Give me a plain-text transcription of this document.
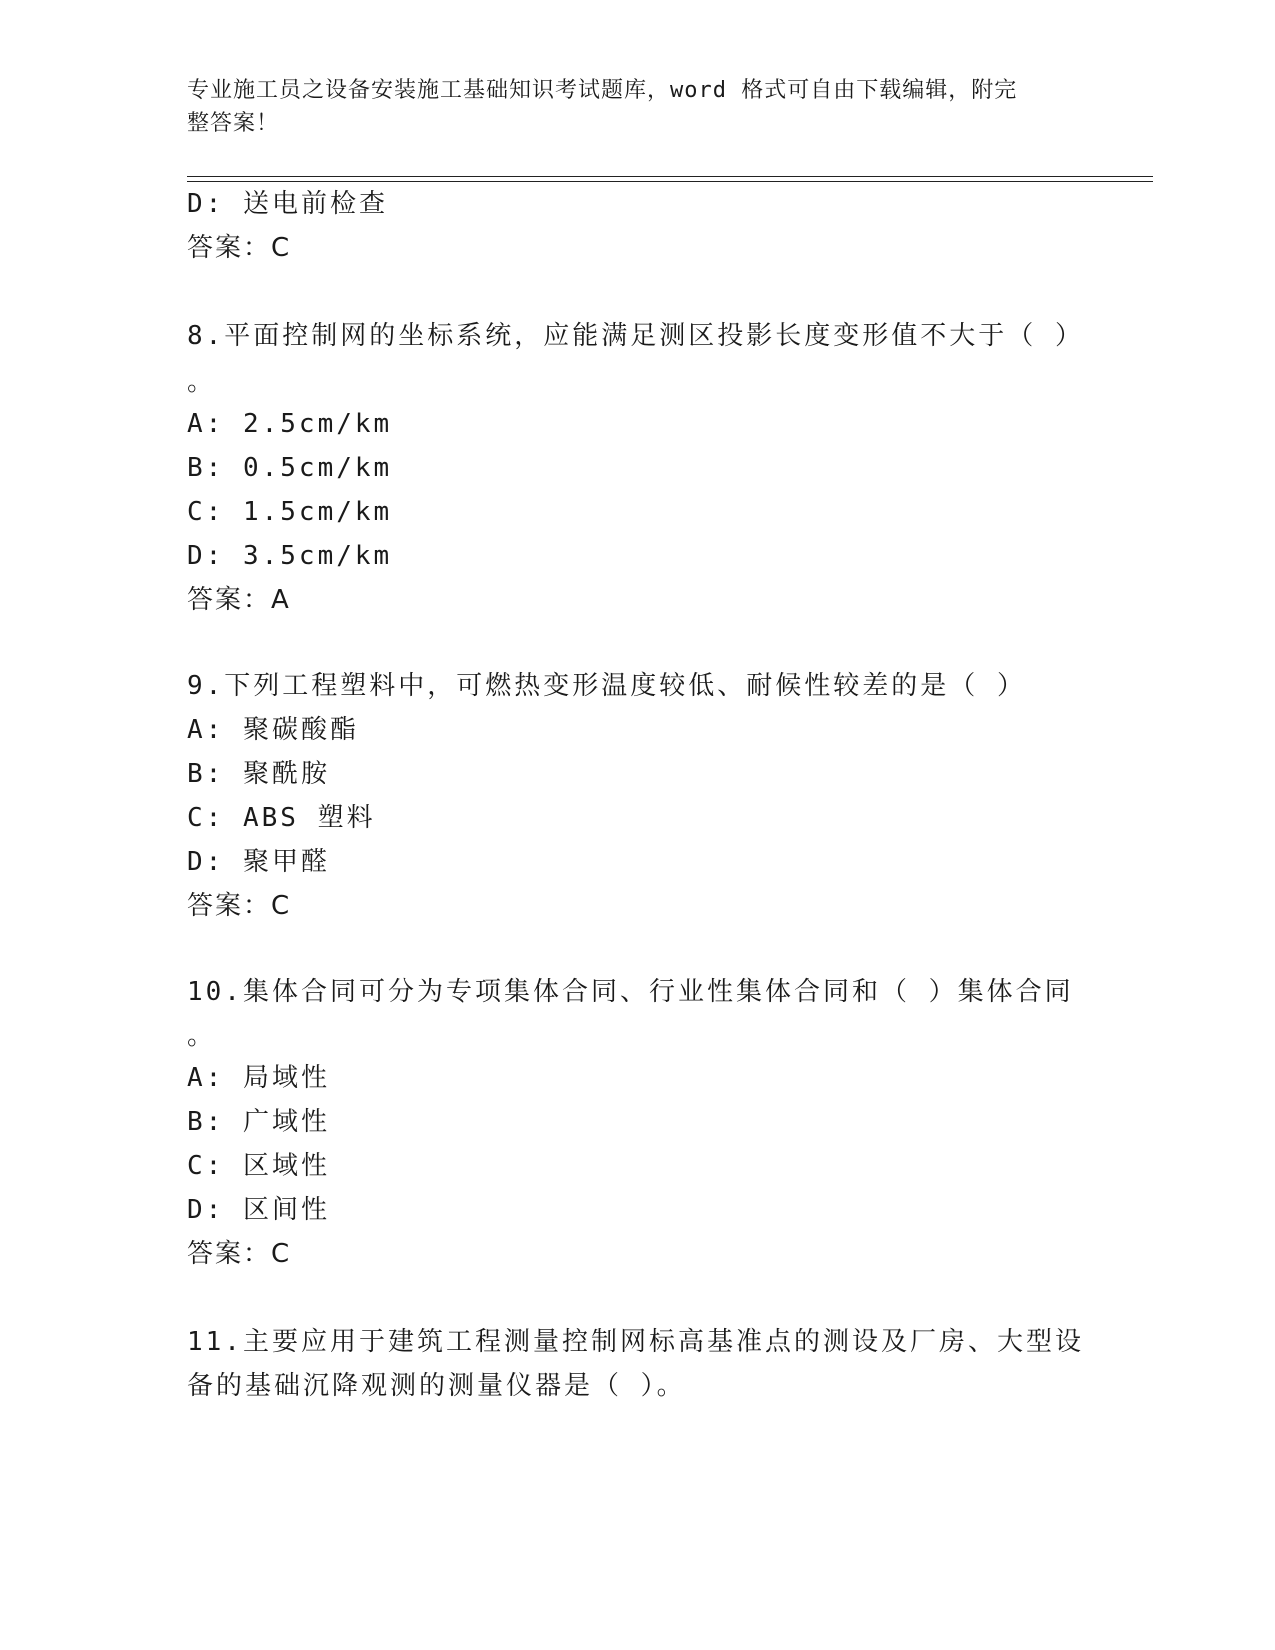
专业施工员之设备安装施工基础知识考试题库，word 格式可自由下载编辑，附完
整答案！
D: 送电前检查
答案：C
8.平面控制网的坐标系统，应能满足测区投影长度变形值不大于（ ）
。
A: 2.5cm/km
B: 0.5cm/km
C: 1.5cm/km
D: 3.5cm/km
答案：A
9.下列工程塑料中，可燃热变形温度较低、耐候性较差的是（ ）
A: 聚碳酸酯
B: 聚酰胺
C: ABS 塑料
D: 聚甲醛
答案：C
10.集体合同可分为专项集体合同、行业性集体合同和（ ）集体合同
。
A: 局域性
B: 广域性
C: 区域性
D: 区间性
答案：C
11.主要应用于建筑工程测量控制网标高基准点的测设及厂房、大型设
备的基础沉降观测的测量仪器是（ ）。
